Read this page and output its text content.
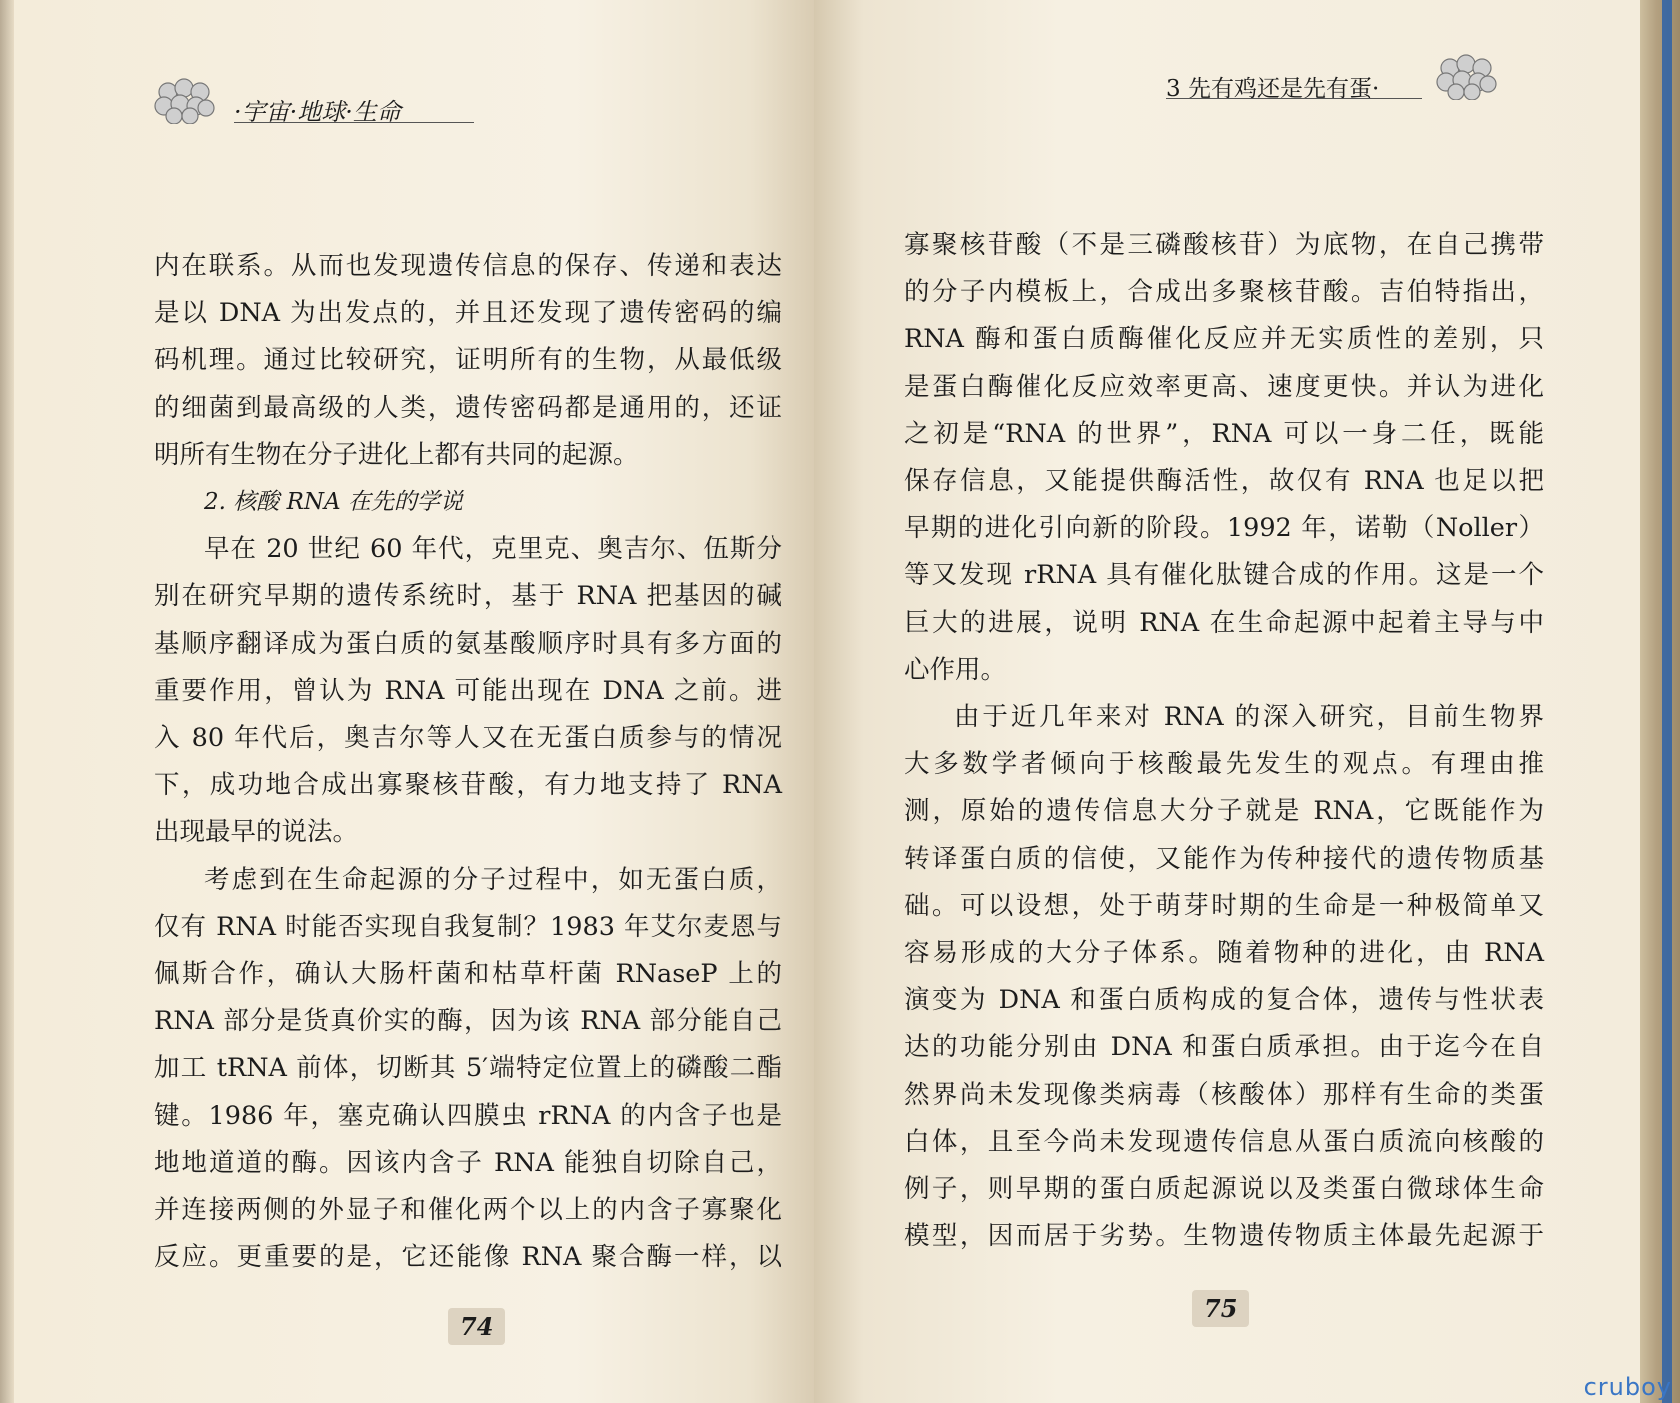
·宇宙·地球·生命

内在联系。从而也发现遗传信息的保存、传递和表达

是以 DNA 为出发点的，并且还发现了遗传密码的编

码机理。通过比较研究，证明所有的生物，从最低级

的细菌到最高级的人类，遗传密码都是通用的，还证

明所有生物在分子进化上都有共同的起源。

2. 核酸 RNA 在先的学说

早在 20 世纪 60 年代，克里克、奥吉尔、伍斯分

别在研究早期的遗传系统时，基于 RNA 把基因的碱

基顺序翻译成为蛋白质的氨基酸顺序时具有多方面的

重要作用，曾认为 RNA 可能出现在 DNA 之前。进

入 80 年代后，奥吉尔等人又在无蛋白质参与的情况

下，成功地合成出寡聚核苷酸，有力地支持了 RNA

出现最早的说法。

考虑到在生命起源的分子过程中，如无蛋白质，

仅有 RNA 时能否实现自我复制？1983 年艾尔麦恩与

佩斯合作，确认大肠杆菌和枯草杆菌 RNaseP 上的

RNA 部分是货真价实的酶，因为该 RNA 部分能自己

加工 tRNA 前体，切断其 5′端特定位置上的磷酸二酯

键。1986 年，塞克确认四膜虫 rRNA 的内含子也是

地地道道的酶。因该内含子 RNA 能独自切除自己，

并连接两侧的外显子和催化两个以上的内含子寡聚化

反应。更重要的是，它还能像 RNA 聚合酶一样，以

74
3 先有鸡还是先有蛋·

寡聚核苷酸（不是三磷酸核苷）为底物，在自己携带

的分子内模板上，合成出多聚核苷酸。吉伯特指出，

RNA 酶和蛋白质酶催化反应并无实质性的差别，只

是蛋白酶催化反应效率更高、速度更快。并认为进化

之初是“RNA 的世界”，RNA 可以一身二任，既能

保存信息，又能提供酶活性，故仅有 RNA 也足以把

早期的进化引向新的阶段。1992 年，诺勒（Noller）

等又发现 rRNA 具有催化肽键合成的作用。这是一个

巨大的进展，说明 RNA 在生命起源中起着主导与中

心作用。

由于近几年来对 RNA 的深入研究，目前生物界

大多数学者倾向于核酸最先发生的观点。有理由推

测，原始的遗传信息大分子就是 RNA，它既能作为

转译蛋白质的信使，又能作为传种接代的遗传物质基

础。可以设想，处于萌芽时期的生命是一种极简单又

容易形成的大分子体系。随着物种的进化，由 RNA

演变为 DNA 和蛋白质构成的复合体，遗传与性状表

达的功能分别由 DNA 和蛋白质承担。由于迄今在自

然界尚未发现像类病毒（核酸体）那样有生命的类蛋

白体，且至今尚未发现遗传信息从蛋白质流向核酸的

例子，则早期的蛋白质起源说以及类蛋白微球体生命

模型，因而居于劣势。生物遗传物质主体最先起源于

75
cruboy
